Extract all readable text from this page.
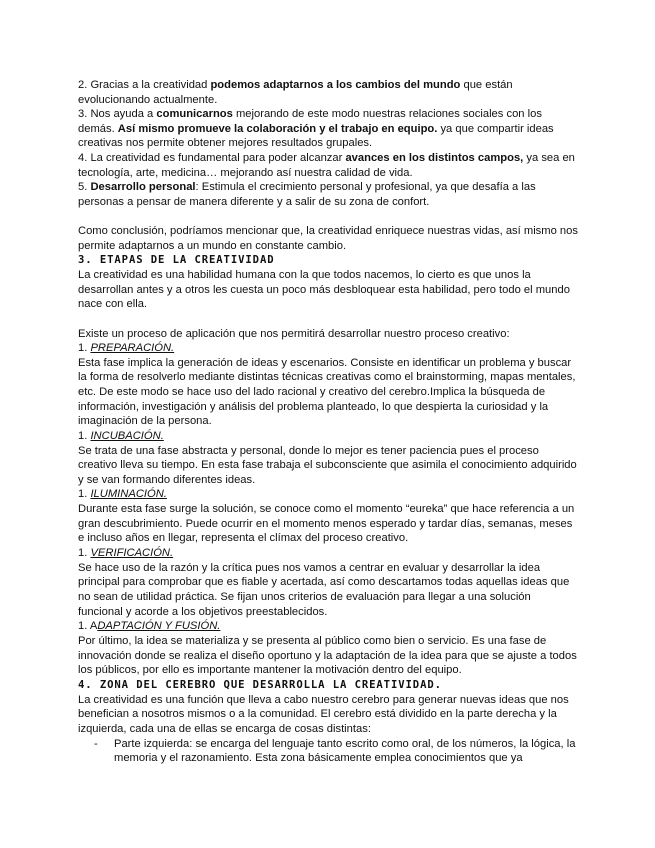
2. Gracias a la creatividad podemos adaptarnos a los cambios del mundo que están evolucionando actualmente.

3. Nos ayuda a comunicarnos mejorando de este modo nuestras relaciones sociales con los demás. Así mismo promueve la colaboración y el trabajo en equipo. ya que compartir ideas creativas nos permite obtener mejores resultados grupales.

4. La creatividad es fundamental para poder alcanzar avances en los distintos campos, ya sea en tecnología, arte, medicina… mejorando así nuestra calidad de vida.

5. Desarrollo personal: Estimula el crecimiento personal y profesional, ya que desafía a las personas a pensar de manera diferente y a salir de su zona de confort.

Como conclusión, podríamos mencionar que, la creatividad enriquece nuestras vidas, así mismo nos permite adaptarnos a un mundo en constante cambio.

3. ETAPAS DE LA CREATIVIDAD

La creatividad es una habilidad humana con la que todos nacemos, lo cierto es que unos la desarrollan antes y a otros les cuesta un poco más desbloquear esta habilidad, pero todo el mundo nace con ella.

Existe un proceso de aplicación que nos permitirá desarrollar nuestro proceso creativo:

1. PREPARACIÓN.

Esta fase implica la generación de ideas y escenarios. Consiste en identificar un problema y buscar la forma de resolverlo mediante distintas técnicas creativas como el brainstorming, mapas mentales, etc. De este modo se hace uso del lado racional y creativo del cerebro.Implica la búsqueda de información, investigación y análisis del problema planteado, lo que despierta la curiosidad y la imaginación de la persona.

1. INCUBACIÓN.

Se trata de una fase abstracta y personal, donde lo mejor es tener paciencia pues el proceso creativo lleva su tiempo. En esta fase trabaja el subconsciente que asimila el conocimiento adquirido y se van formando diferentes ideas.

1. ILUMINACIÓN.

Durante esta fase surge la solución, se conoce como el momento “eureka” que hace referencia a un gran descubrimiento. Puede ocurrir en el momento menos esperado y tardar días, semanas, meses e incluso años en llegar, representa el clímax del proceso creativo.

1. VERIFICACIÓN.

Se hace uso de la razón y la crítica pues nos vamos a centrar en evaluar y desarrollar la idea principal para comprobar que es fiable y acertada, así como descartamos todas aquellas ideas que no sean de utilidad práctica. Se fijan unos criterios de evaluación para llegar a una solución funcional y acorde a los objetivos preestablecidos.

1. ADAPTACIÓN Y FUSIÓN.

Por último, la idea se materializa y se presenta al público como bien o servicio. Es una fase de innovación donde se realiza el diseño oportuno y la adaptación de la idea para que se ajuste a todos los públicos, por ello es importante mantener la motivación dentro del equipo.

4. ZONA DEL CEREBRO QUE DESARROLLA LA CREATIVIDAD.

La creatividad es una función que lleva a cabo nuestro cerebro para generar nuevas ideas que nos benefician a nosotros mismos o a la comunidad. El cerebro está dividido en la parte derecha y la izquierda, cada una de ellas se encarga de cosas distintas:

-	Parte izquierda: se encarga del lenguaje tanto escrito como oral, de los números, la lógica, la memoria y el razonamiento. Esta zona básicamente emplea conocimientos que ya
